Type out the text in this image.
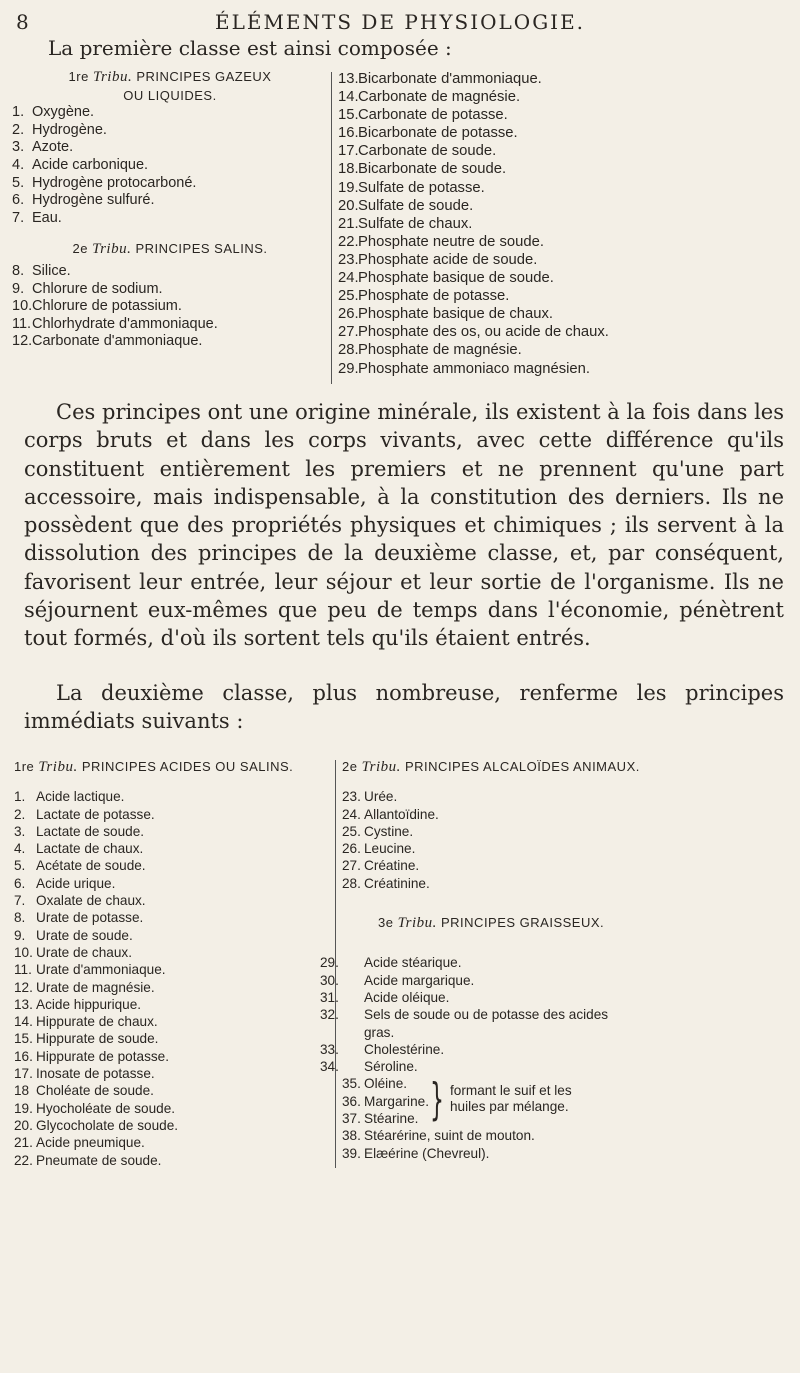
8	ÉLÉMENTS DE PHYSIOLOGIE.
La première classe est ainsi composée :
1re Tribu. PRINCIPES GAZEUX
OU LIQUIDES.
1. Oxygène.
2. Hydrogène.
3. Azote.
4. Acide carbonique.
5. Hydrogène protocarboné.
6. Hydrogène sulfuré.
7. Eau.
2e Tribu. PRINCIPES SALINS.
8. Silice.
9. Chlorure de sodium.
10.Chlorure de potassium.
11.Chlorhydrate d'ammoniaque.
12.Carbonate d'ammoniaque.
13.Bicarbonate d'ammoniaque.
14.Carbonate de magnésie.
15.Carbonate de potasse.
16.Bicarbonate de potasse.
17.Carbonate de soude.
18.Bicarbonate de soude.
19.Sulfate de potasse.
20.Sulfate de soude.
21.Sulfate de chaux.
22.Phosphate neutre de soude.
23.Phosphate acide de soude.
24.Phosphate basique de soude.
25.Phosphate de potasse.
26.Phosphate basique de chaux.
27.Phosphate des os, ou acide de chaux.
28.Phosphate de magnésie.
29.Phosphate ammoniaco magnésien.
Ces principes ont une origine minérale, ils existent à la fois dans les corps bruts et dans les corps vivants, avec cette différence qu'ils constituent entièrement les premiers et ne prennent qu'une part accessoire, mais indispensable, à la constitution des derniers. Ils ne possèdent que des propriétés physiques et chimiques ; ils servent à la dissolution des principes de la deuxième classe, et, par conséquent, favorisent leur entrée, leur séjour et leur sortie de l'organisme. Ils ne séjournent eux-mêmes que peu de temps dans l'économie, pénètrent tout formés, d'où ils sortent tels qu'ils étaient entrés.
La deuxième classe, plus nombreuse, renferme les principes immédiats suivants :
1re Tribu. PRINCIPES ACIDES OU SALINS.
1. Acide lactique.
2. Lactate de potasse.
3. Lactate de soude.
4. Lactate de chaux.
5. Acétate de soude.
6. Acide urique.
7. Oxalate de chaux.
8. Urate de potasse.
9. Urate de soude.
10. Urate de chaux.
11. Urate d'ammoniaque.
12. Urate de magnésie.
13. Acide hippurique.
14. Hippurate de chaux.
15. Hippurate de soude.
16. Hippurate de potasse.
17. Inosate de potasse.
18 Choléate de soude.
19. Hyocholéate de soude.
20. Glycocholate de soude.
21. Acide pneumique.
22. Pneumate de soude.
2e Tribu. PRINCIPES ALCALOÏDES ANIMAUX.
23. Urée.
24. Allantoïdine.
25. Cystine.
26. Leucine.
27. Créatine.
28. Créatinine.
3e Tribu. PRINCIPES GRAISSEUX.
29. Acide stéarique.
30. Acide margarique.
31. Acide oléique.
32. Sels de soude ou de potasse des acides gras.
33. Cholestérine.
34. Séroline.
35. Oléine.
36. Margarine.
37. Stéarine. } formant le suif et les huiles par mélange.
38. Stéarérine, suint de mouton.
39. Elæérine (Chevreul).
